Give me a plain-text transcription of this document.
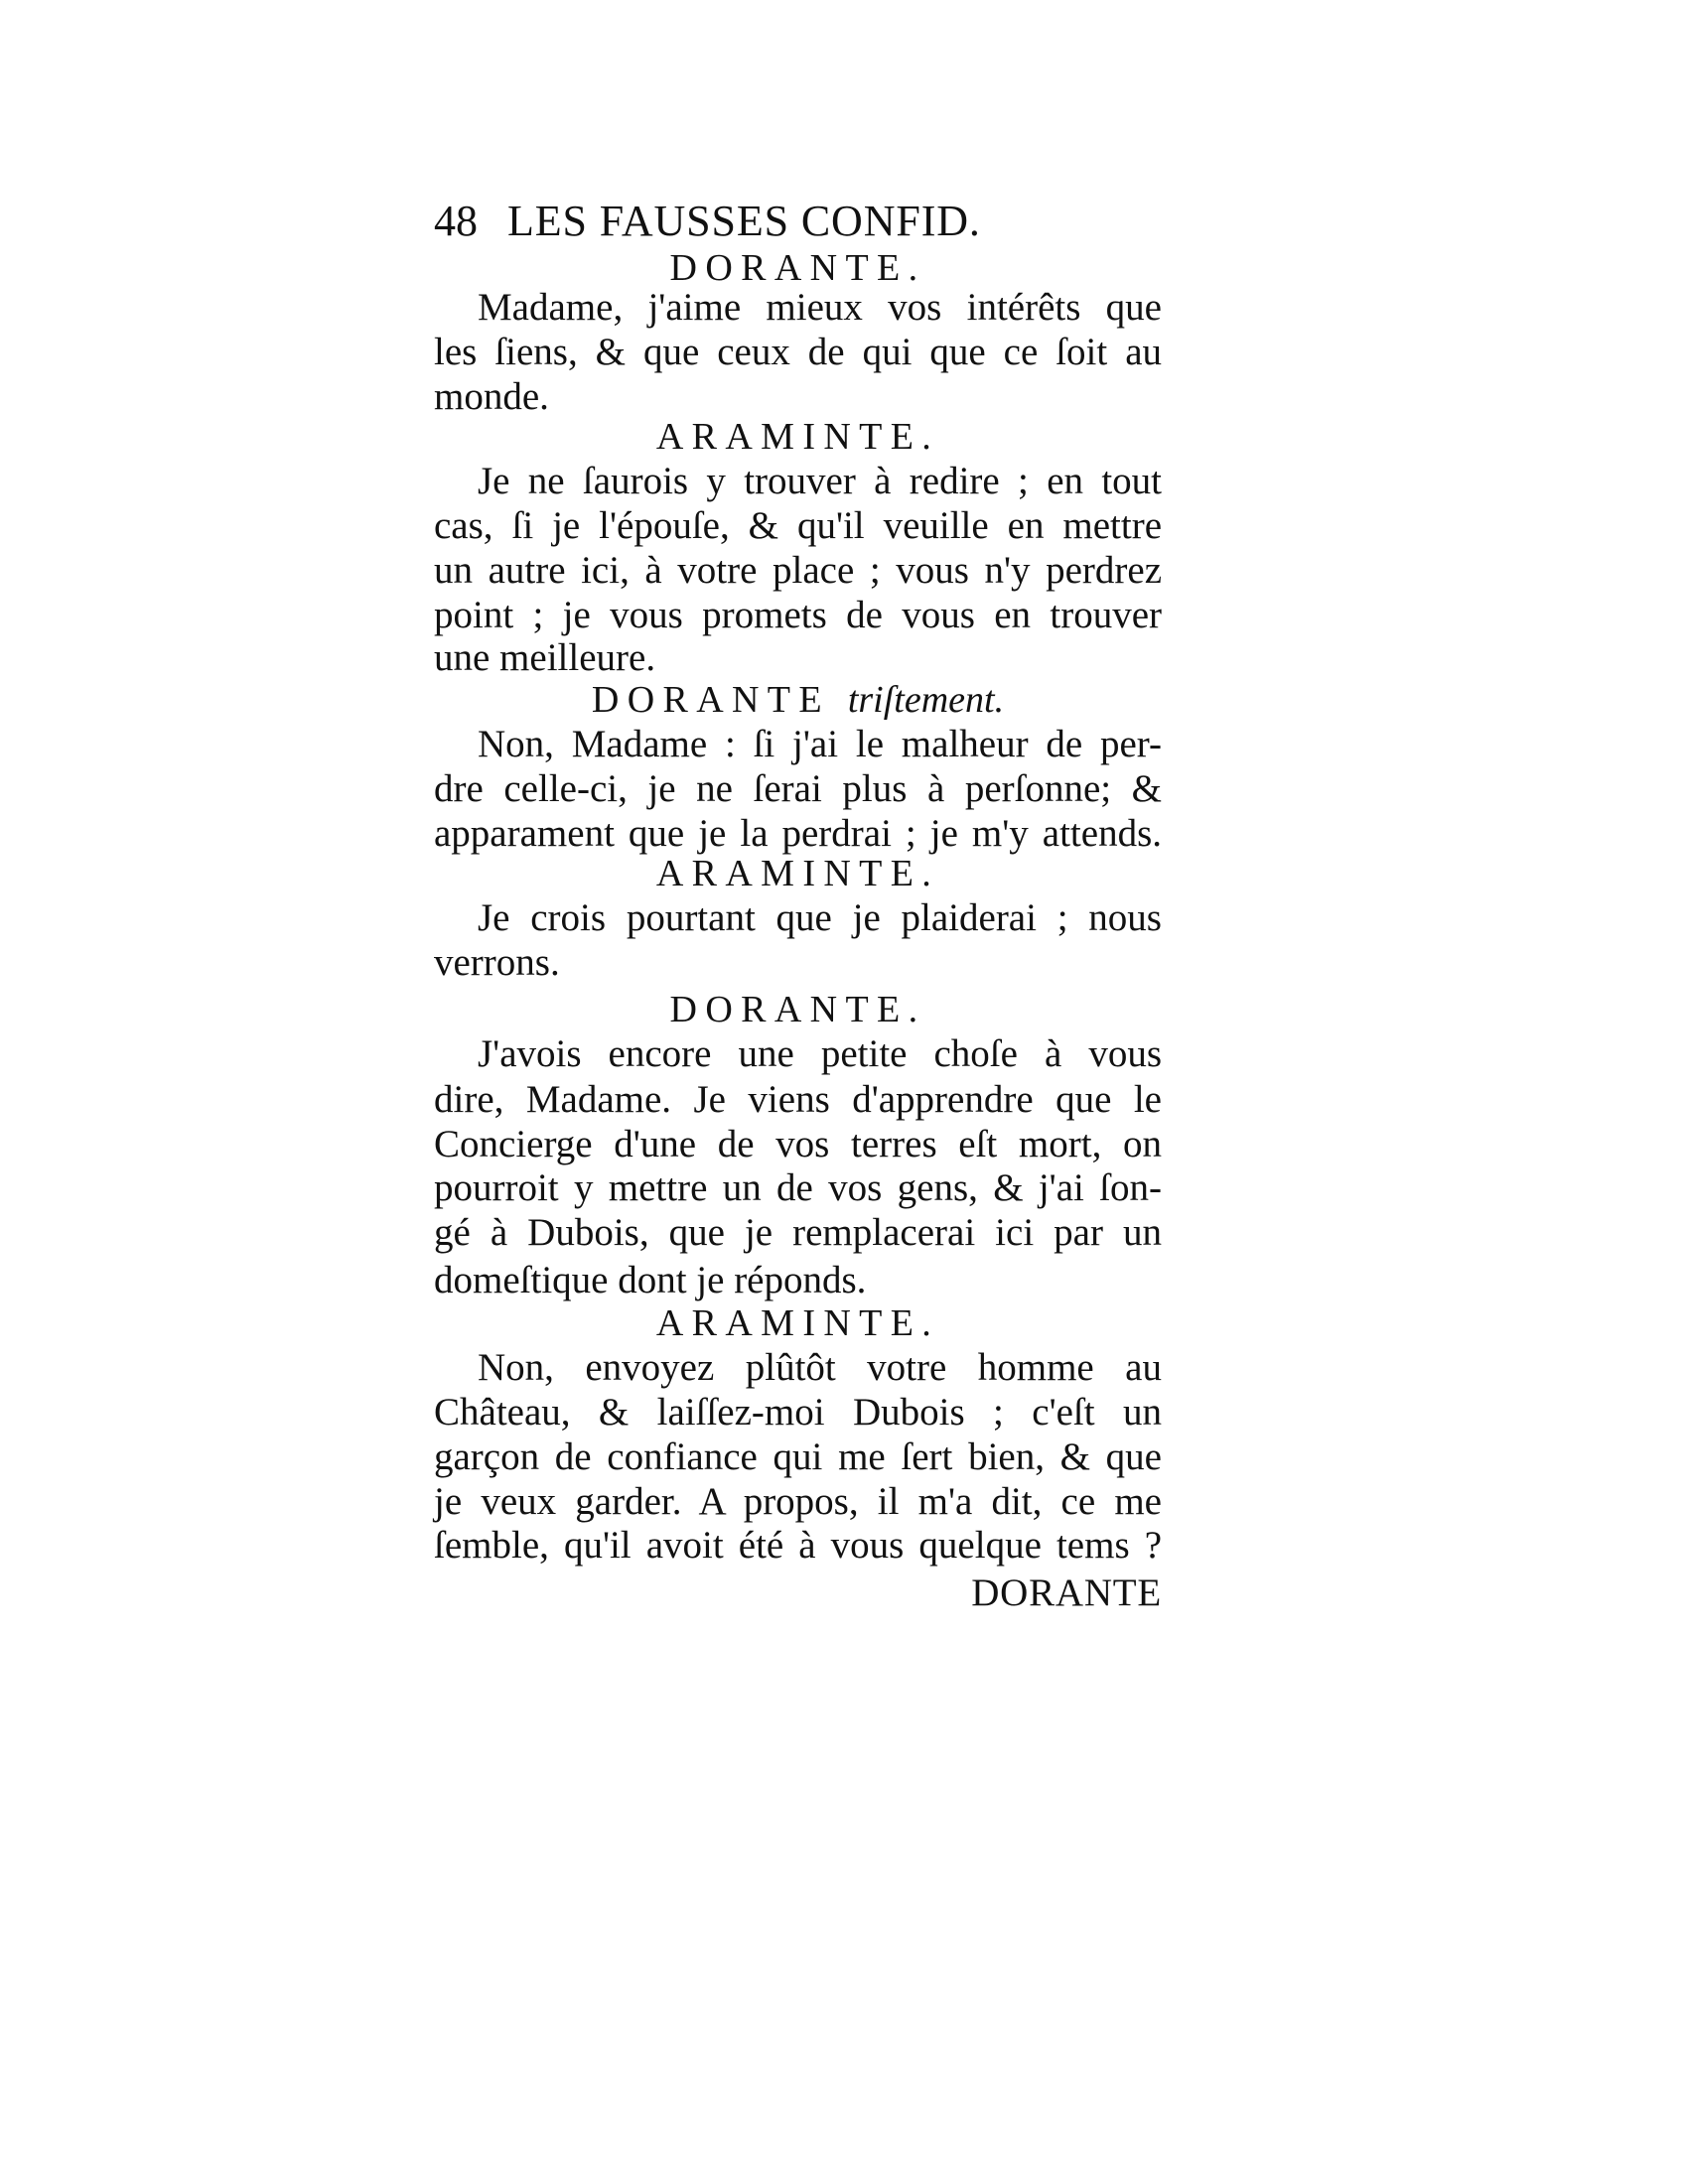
48 LES FAUSSES CONFID.
DORANTE.
Madame, j'aime mieux vos intérêts que
les ſiens, & que ceux de qui que ce ſoit au
monde.
ARAMINTE.
Je ne ſaurois y trouver à redire ; en tout
cas, ſi je l'épouſe, & qu'il veuille en mettre
un autre ici, à votre place ; vous n'y perdrez
point ; je vous promets de vous en trouver
une meilleure.
DORANTE triſtement.
Non, Madame : ſi j'ai le malheur de per-
dre celle-ci, je ne ſerai plus à perſonne; &
apparament que je la perdrai ; je m'y attends.
ARAMINTE.
Je crois pourtant que je plaiderai ; nous
verrons.
DORANTE.
J'avois encore une petite choſe à vous
dire, Madame. Je viens d'apprendre que le
Concierge d'une de vos terres eſt mort, on
pourroit y mettre un de vos gens, & j'ai ſon-
gé à Dubois, que je remplacerai ici par un
domeſtique dont je réponds.
ARAMINTE.
Non, envoyez plûtôt votre homme au
Château, & laiſſez-moi Dubois ; c'eſt un
garçon de confiance qui me ſert bien, & que
je veux garder. A propos, il m'a dit, ce me
ſemble, qu'il avoit été à vous quelque tems ?
DORANTE
